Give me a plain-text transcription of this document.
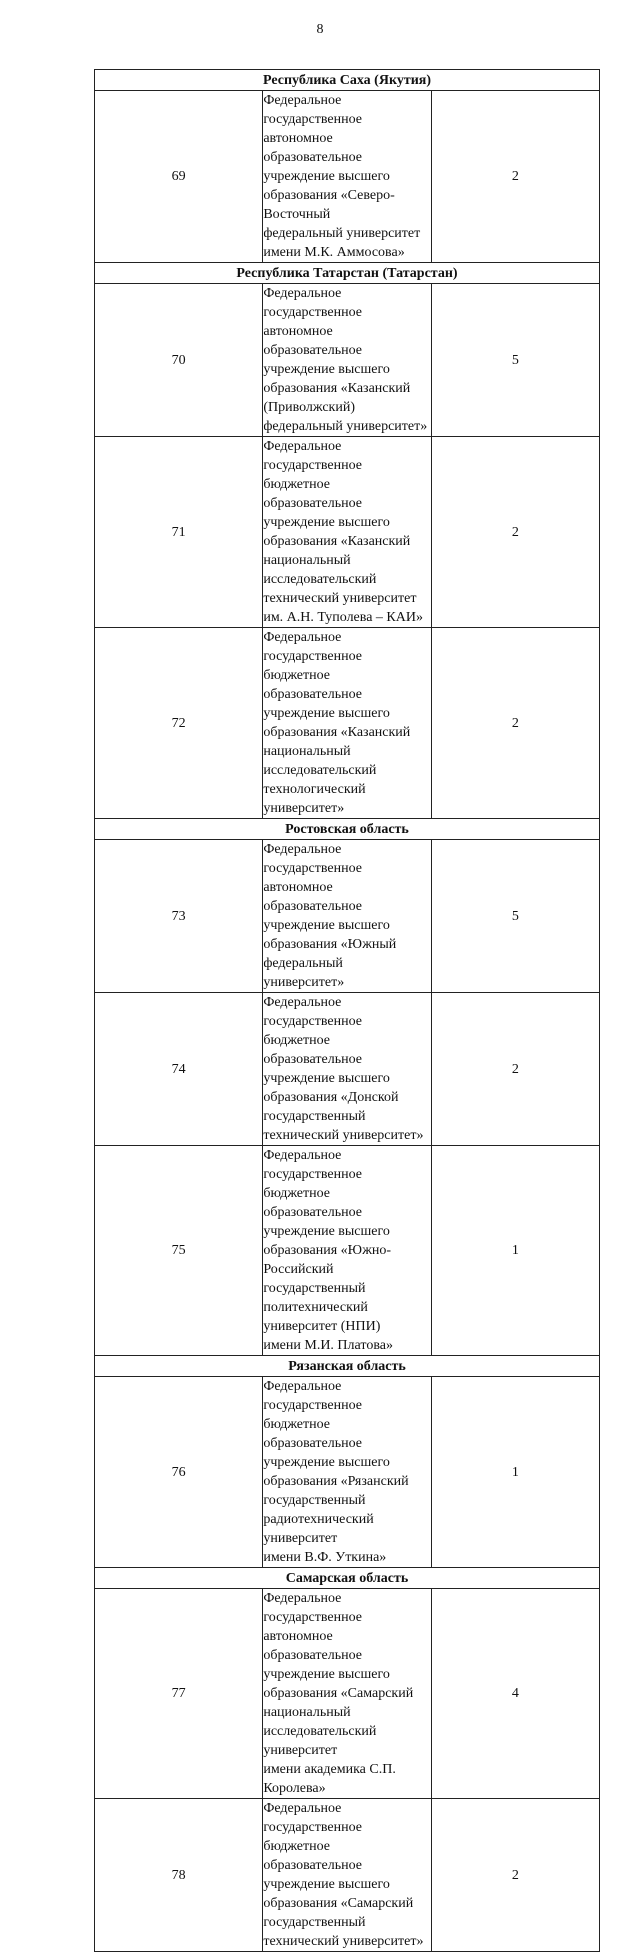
8
Республика Саха (Якутия)		
69	Федеральное государственное автономное образовательное
учреждение высшего образования «Северо-Восточный
федеральный университет имени М.К. Аммосова»	2
Республика Татарстан (Татарстан)		
70	Федеральное государственное автономное образовательное
учреждение высшего образования «Казанский
(Приволжский) федеральный университет»	5
71	Федеральное государственное бюджетное образовательное
учреждение высшего образования «Казанский
национальный исследовательский технический университет
им. А.Н. Туполева – КАИ»	2
72	Федеральное государственное бюджетное образовательное
учреждение высшего образования «Казанский
национальный исследовательский технологический
университет»	2
Ростовская область		
73	Федеральное государственное автономное образовательное
учреждение высшего образования «Южный федеральный
университет»	5
74	Федеральное государственное бюджетное образовательное
учреждение высшего образования «Донской
государственный технический университет»	2
75	Федеральное государственное бюджетное образовательное
учреждение высшего образования «Южно-Российский
государственный политехнический университет (НПИ)
имени М.И. Платова»	1
Рязанская область		
76	Федеральное государственное бюджетное образовательное
учреждение высшего образования «Рязанский
государственный радиотехнический университет
имени В.Ф. Уткина»	1
Самарская область		
77	Федеральное государственное автономное образовательное
учреждение высшего образования «Самарский
национальный исследовательский университет
имени академика С.П. Королева»	4
78	Федеральное государственное бюджетное образовательное
учреждение высшего образования «Самарский
государственный технический университет»	2
